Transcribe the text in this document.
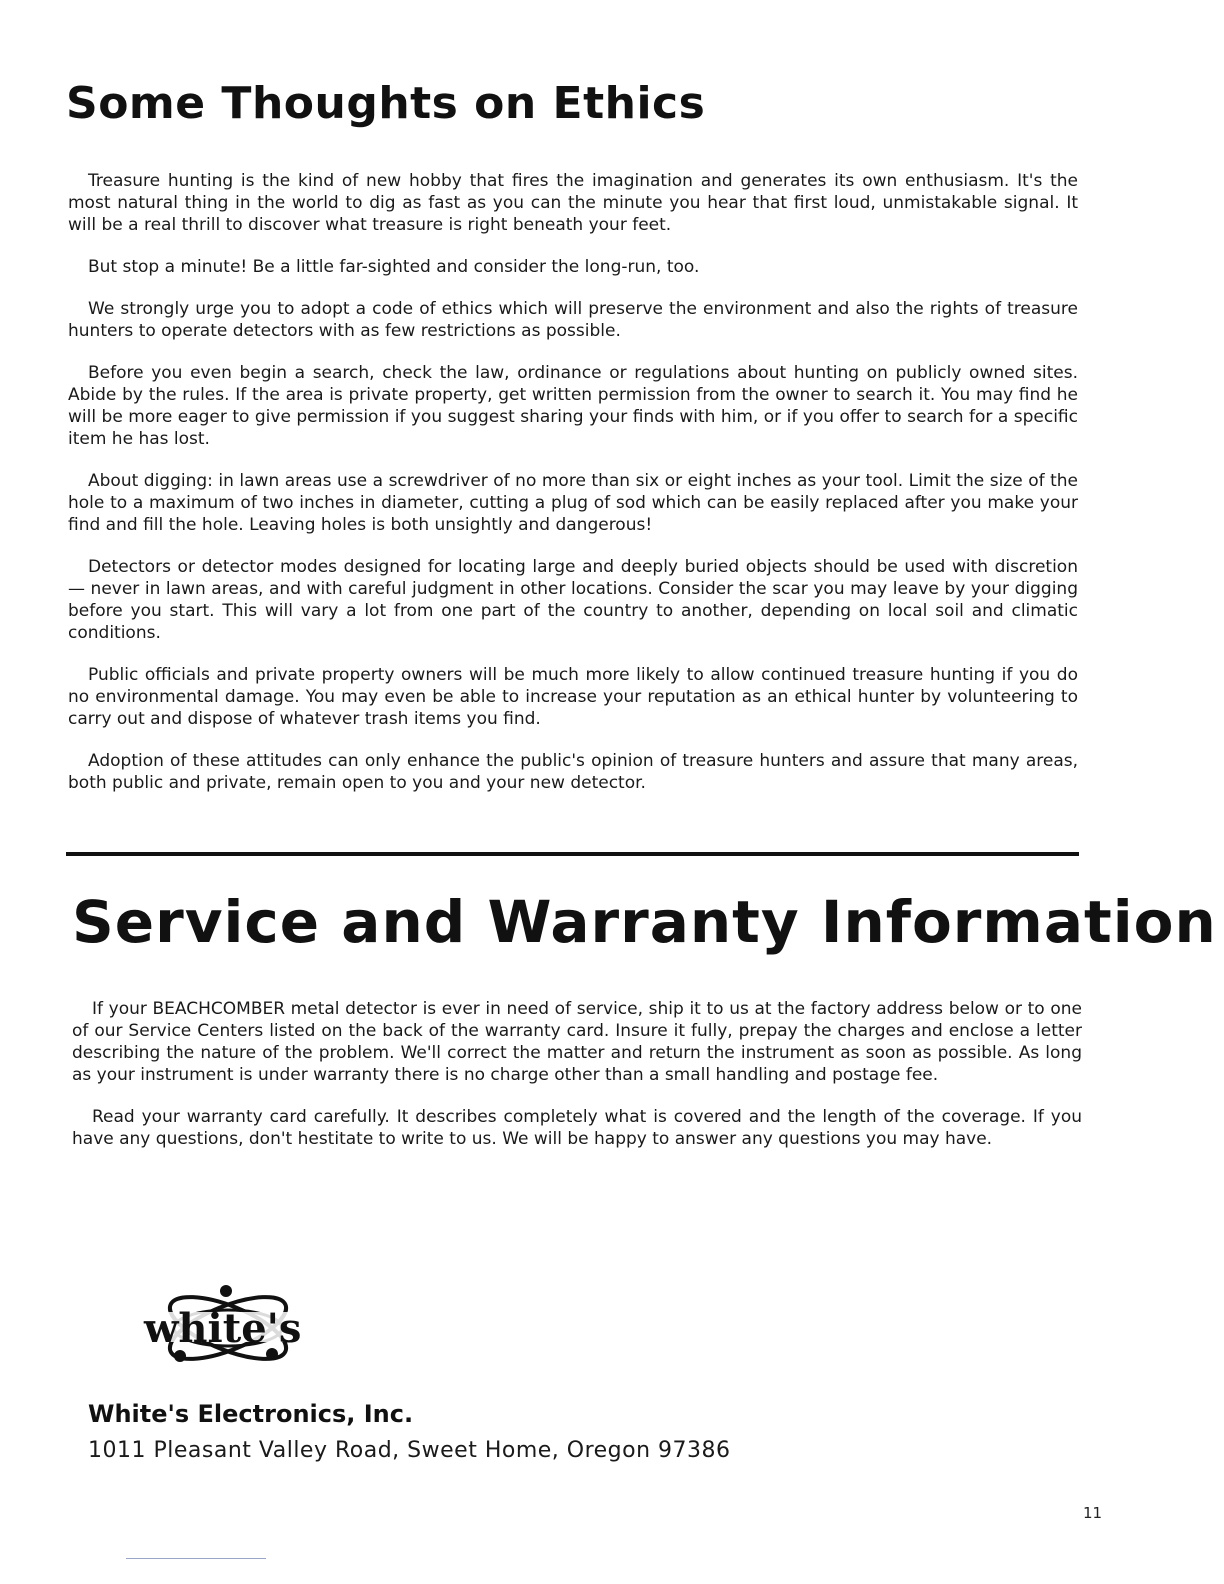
Some Thoughts on Ethics

Treasure hunting is the kind of new hobby that fires the imagination and generates its own enthusiasm. It's the most natural thing in the world to dig as fast as you can the minute you hear that first loud, unmistakable signal. It will be a real thrill to discover what treasure is right beneath your feet.

But stop a minute! Be a little far-sighted and consider the long-run, too.

We strongly urge you to adopt a code of ethics which will preserve the environment and also the rights of treasure hunters to operate detectors with as few restrictions as possible.

Before you even begin a search, check the law, ordinance or regulations about hunting on publicly owned sites. Abide by the rules. If the area is private property, get written permission from the owner to search it. You may find he will be more eager to give permission if you suggest sharing your finds with him, or if you offer to search for a specific item he has lost.

About digging: in lawn areas use a screwdriver of no more than six or eight inches as your tool. Limit the size of the hole to a maximum of two inches in diameter, cutting a plug of sod which can be easily replaced after you make your find and fill the hole. Leaving holes is both unsightly and dangerous!

Detectors or detector modes designed for locating large and deeply buried objects should be used with discretion — never in lawn areas, and with careful judgment in other locations. Consider the scar you may leave by your digging before you start. This will vary a lot from one part of the country to another, depending on local soil and climatic conditions.

Public officials and private property owners will be much more likely to allow continued treasure hunting if you do no environmental damage. You may even be able to increase your reputation as an ethical hunter by volunteering to carry out and dispose of whatever trash items you find.

Adoption of these attitudes can only enhance the public's opinion of treasure hunters and assure that many areas, both public and private, remain open to you and your new detector.

Service and Warranty Information

If your BEACHCOMBER metal detector is ever in need of service, ship it to us at the factory address below or to one of our Service Centers listed on the back of the warranty card. Insure it fully, prepay the charges and enclose a letter describing the nature of the problem. We'll correct the matter and return the instrument as soon as possible. As long as your instrument is under warranty there is no charge other than a small handling and postage fee.

Read your warranty card carefully. It describes completely what is covered and the length of the coverage. If you have any questions, don't hestitate to write to us. We will be happy to answer any questions you may have.

white's

White's Electronics, Inc.

1011 Pleasant Valley Road, Sweet Home, Oregon 97386

11
